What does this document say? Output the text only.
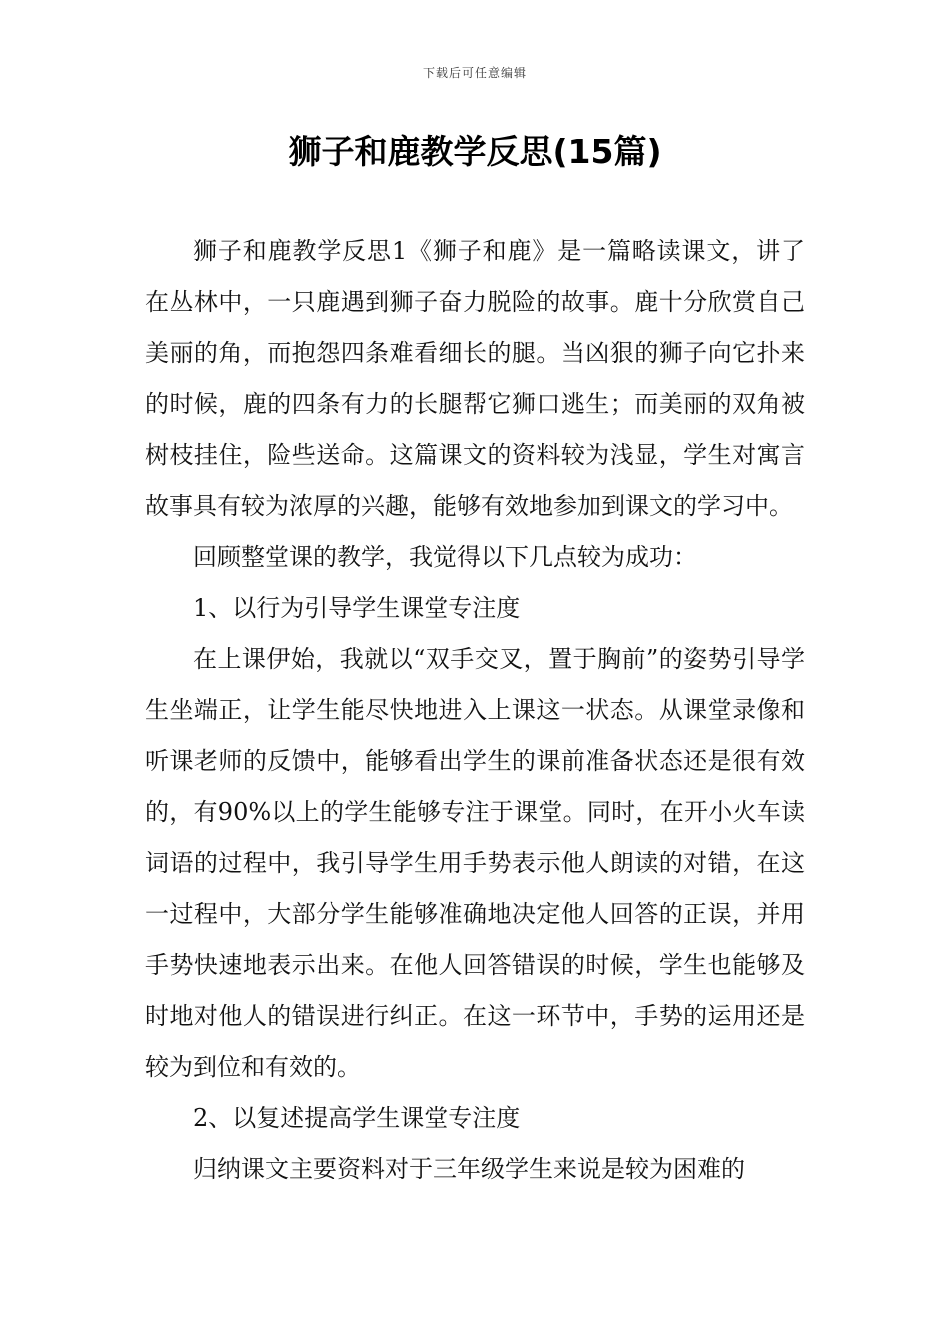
下载后可任意编辑
狮子和鹿教学反思(15篇)

狮子和鹿教学反思1《狮子和鹿》是一篇略读课文，讲了在丛林中，一只鹿遇到狮子奋力脱险的故事。鹿十分欣赏自己美丽的角，而抱怨四条难看细长的腿。当凶狠的狮子向它扑来的时候，鹿的四条有力的长腿帮它狮口逃生；而美丽的双角被树枝挂住，险些送命。这篇课文的资料较为浅显，学生对寓言故事具有较为浓厚的兴趣，能够有效地参加到课文的学习中。

回顾整堂课的教学，我觉得以下几点较为成功：

1、以行为引导学生课堂专注度

在上课伊始，我就以“双手交叉，置于胸前”的姿势引导学生坐端正，让学生能尽快地进入上课这一状态。从课堂录像和听课老师的反馈中，能够看出学生的课前准备状态还是很有效的，有90%以上的学生能够专注于课堂。同时，在开小火车读词语的过程中，我引导学生用手势表示他人朗读的对错，在这一过程中，大部分学生能够准确地决定他人回答的正误，并用手势快速地表示出来。在他人回答错误的时候，学生也能够及时地对他人的错误进行纠正。在这一环节中，手势的运用还是较为到位和有效的。

2、以复述提高学生课堂专注度

归纳课文主要资料对于三年级学生来说是较为困难的
